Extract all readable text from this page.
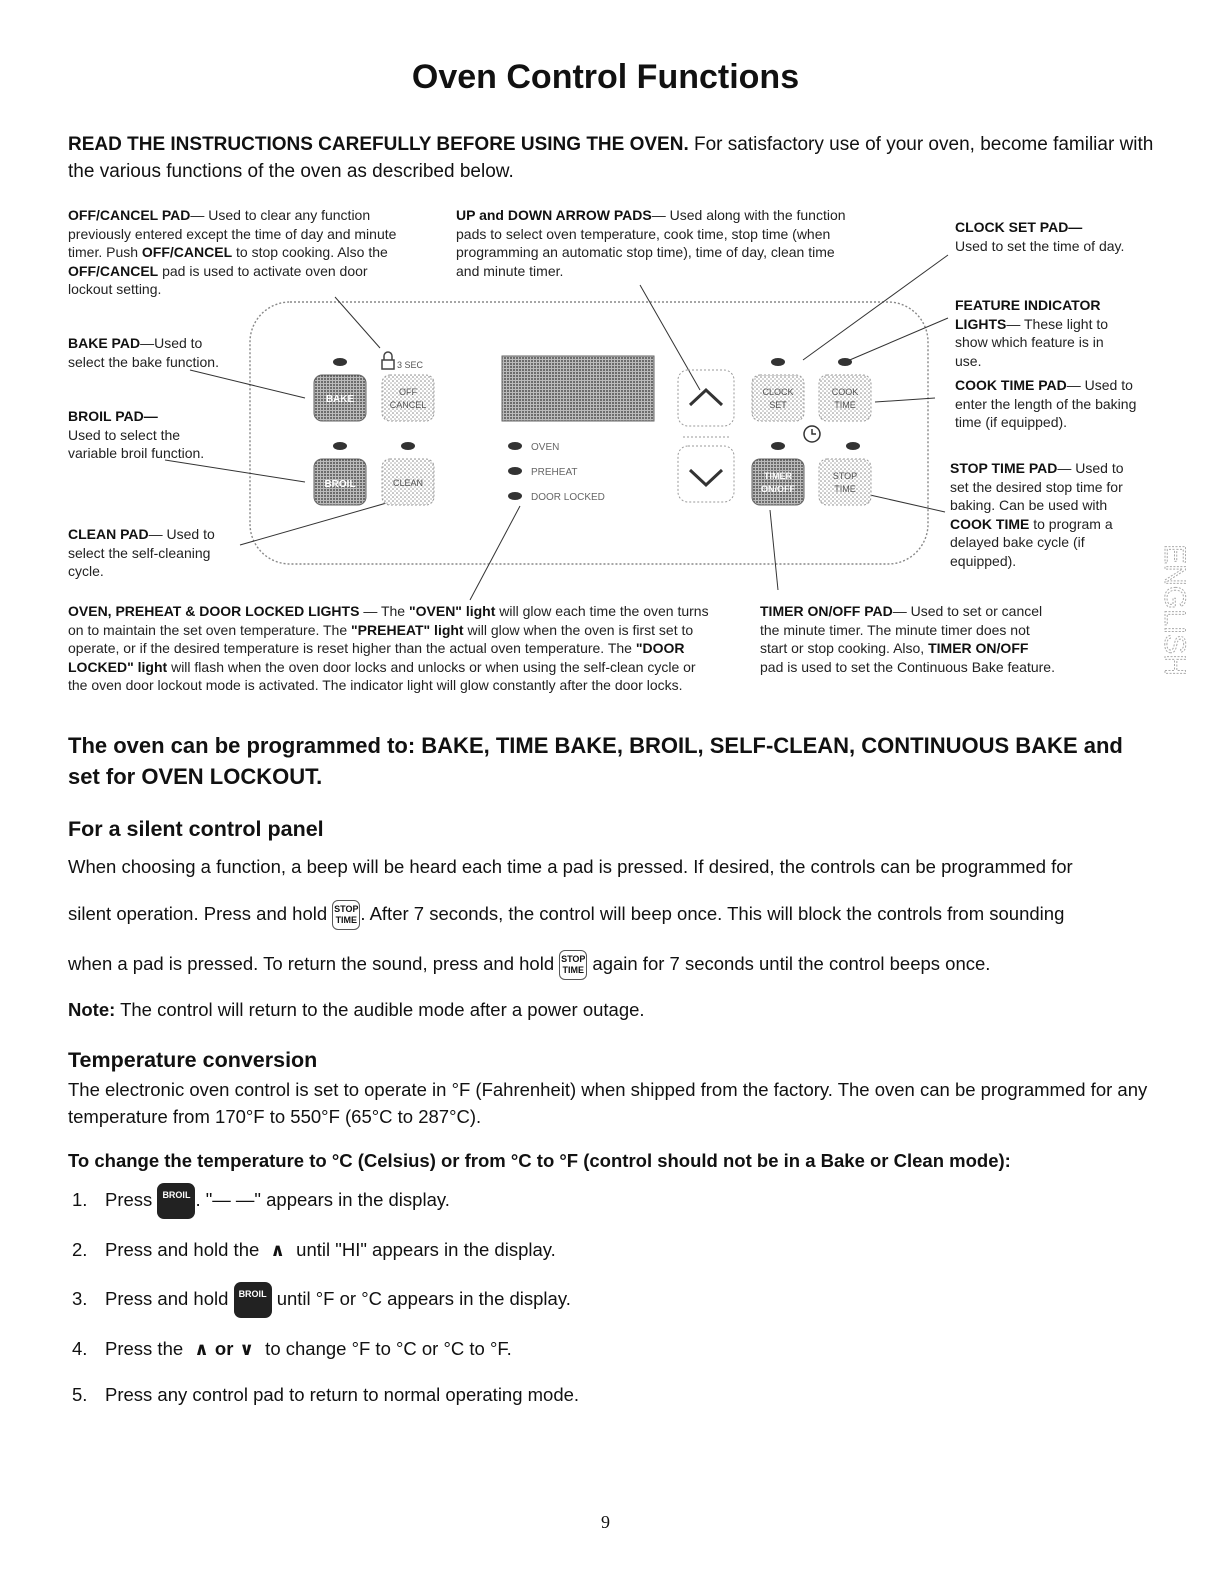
Oven Control Functions
READ THE INSTRUCTIONS CAREFULLY BEFORE USING THE OVEN. For satisfactory use of your oven, become familiar with the various functions of the oven as described below.
OFF/CANCEL PAD— Used to clear any function previously entered except the time of day and minute timer. Push OFF/CANCEL to stop cooking. Also the OFF/CANCEL pad is used to activate oven door lockout setting.
UP and DOWN ARROW PADS— Used along with the function pads to select oven temperature, cook time, stop time (when programming an automatic stop time), time of day, clean time and minute timer.
CLOCK SET PAD—
Used to set the time of day.
FEATURE INDICATOR LIGHTS— These light to show which feature is in use.
COOK TIME PAD— Used to enter the length of the baking time (if equipped).
STOP TIME PAD— Used to set the desired stop time for baking. Can be used with COOK TIME to program a delayed bake cycle (if equipped).
BAKE PAD—Used to select the bake function.
BROIL PAD—
Used to select the variable broil function.
CLEAN PAD— Used to select the self-cleaning cycle.
OVEN, PREHEAT & DOOR LOCKED LIGHTS — The "OVEN" light will glow each time the oven turns on to maintain the set oven temperature. The "PREHEAT" light will glow when the oven is first set to operate, or if the desired temperature is reset higher than the actual oven temperature. The "DOOR LOCKED" light will flash when the oven door locks and unlocks or when using the self-clean cycle or the oven door lockout mode is activated. The indicator light will glow constantly after the door locks.
TIMER ON/OFF PAD— Used to set or cancel the minute timer. The minute timer does not start or stop cooking. Also, TIMER ON/OFF pad is used to set the Continuous Bake feature.
3 SEC
BAKE
OFF
CANCEL
BROIL	CLEAN
OVEN
PREHEAT
DOOR LOCKED
CLOCK
SET
COOK
TIME
TIMER
ON/OFF
STOP
TIME
The oven can be programmed to: BAKE, TIME BAKE, BROIL, SELF-CLEAN, CONTINUOUS BAKE and set for OVEN LOCKOUT.
For a silent control panel
When choosing a function, a beep will be heard each time a pad is pressed. If desired, the controls can be programmed for
silent operation. Press and hold STOP
TIME . After 7 seconds, the control will beep once. This will block the controls from sounding
when a pad is pressed. To return the sound, press and hold STOP
TIME again for 7 seconds until the control beeps once.
Note: The control will return to the audible mode after a power outage.
Temperature conversion
The electronic oven control is set to operate in °F (Fahrenheit) when shipped from the factory. The oven can be programmed for any temperature from 170°F to 550°F (65°C to 287°C).
To change the temperature to °C (Celsius) or from °C to °F (control should not be in a Bake or Clean mode):
1. Press BROIL . "— —" appears in the display.
2. Press and hold the ∧ until "HI" appears in the display.
3. Press and hold BROIL until °F or °C appears in the display.
4. Press the ∧ or ∨ to change °F to °C or °C to °F.
5. Press any control pad to return to normal operating mode.
ENGLISH
9
